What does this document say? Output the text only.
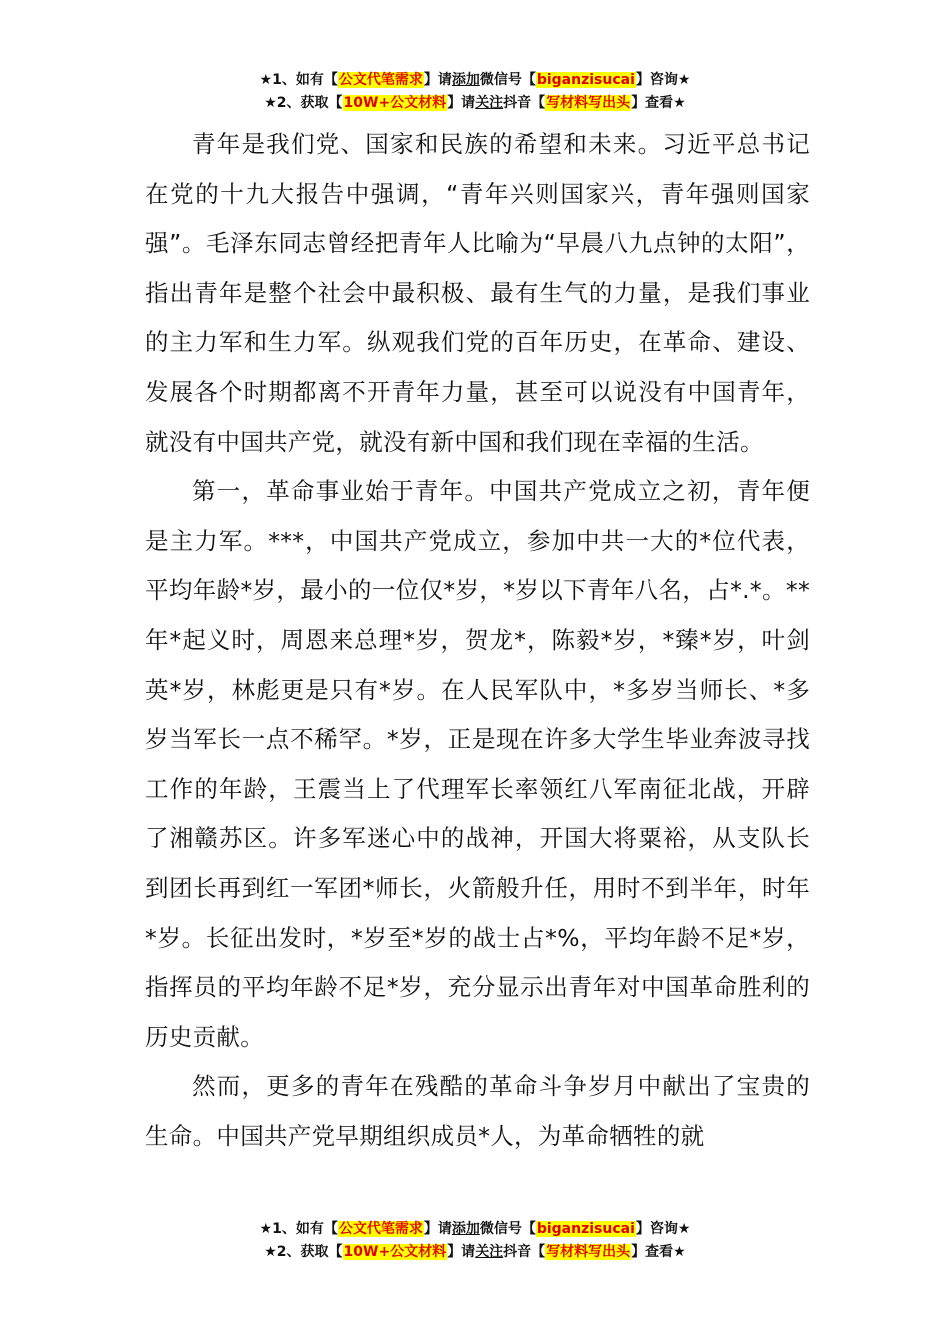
★1、如有【公文代笔需求】请添加微信号【biganzisucai】咨询★
★2、获取【10W+公文材料】请关注抖音【写材料写出头】查看★

青年是我们党、国家和民族的希望和未来。习近平总书记在党的十九大报告中强调，“青年兴则国家兴，青年强则国家强”。毛泽东同志曾经把青年人比喻为“早晨八九点钟的太阳”，指出青年是整个社会中最积极、最有生气的力量，是我们事业的主力军和生力军。纵观我们党的百年历史，在革命、建设、发展各个时期都离不开青年力量，甚至可以说没有中国青年，就没有中国共产党，就没有新中国和我们现在幸福的生活。

第一，革命事业始于青年。中国共产党成立之初，青年便是主力军。***，中国共产党成立，参加中共一大的*位代表，平均年龄*岁，最小的一位仅*岁，*岁以下青年八名，占*.*。**年*起义时，周恩来总理*岁，贺龙*，陈毅*岁，*臻*岁，叶剑英*岁，林彪更是只有*岁。在人民军队中，*多岁当师长、*多岁当军长一点不稀罕。*岁，正是现在许多大学生毕业奔波寻找工作的年龄，王震当上了代理军长率领红八军南征北战，开辟了湘赣苏区。许多军迷心中的战神，开国大将粟裕，从支队长到团长再到红一军团*师长，火箭般升任，用时不到半年，时年*岁。长征出发时，*岁至*岁的战士占*%，平均年龄不足*岁，指挥员的平均年龄不足*岁，充分显示出青年对中国革命胜利的历史贡献。

然而，更多的青年在残酷的革命斗争岁月中献出了宝贵的生命。中国共产党早期组织成员*人，为革命牺牲的就

★1、如有【公文代笔需求】请添加微信号【biganzisucai】咨询★
★2、获取【10W+公文材料】请关注抖音【写材料写出头】查看★
